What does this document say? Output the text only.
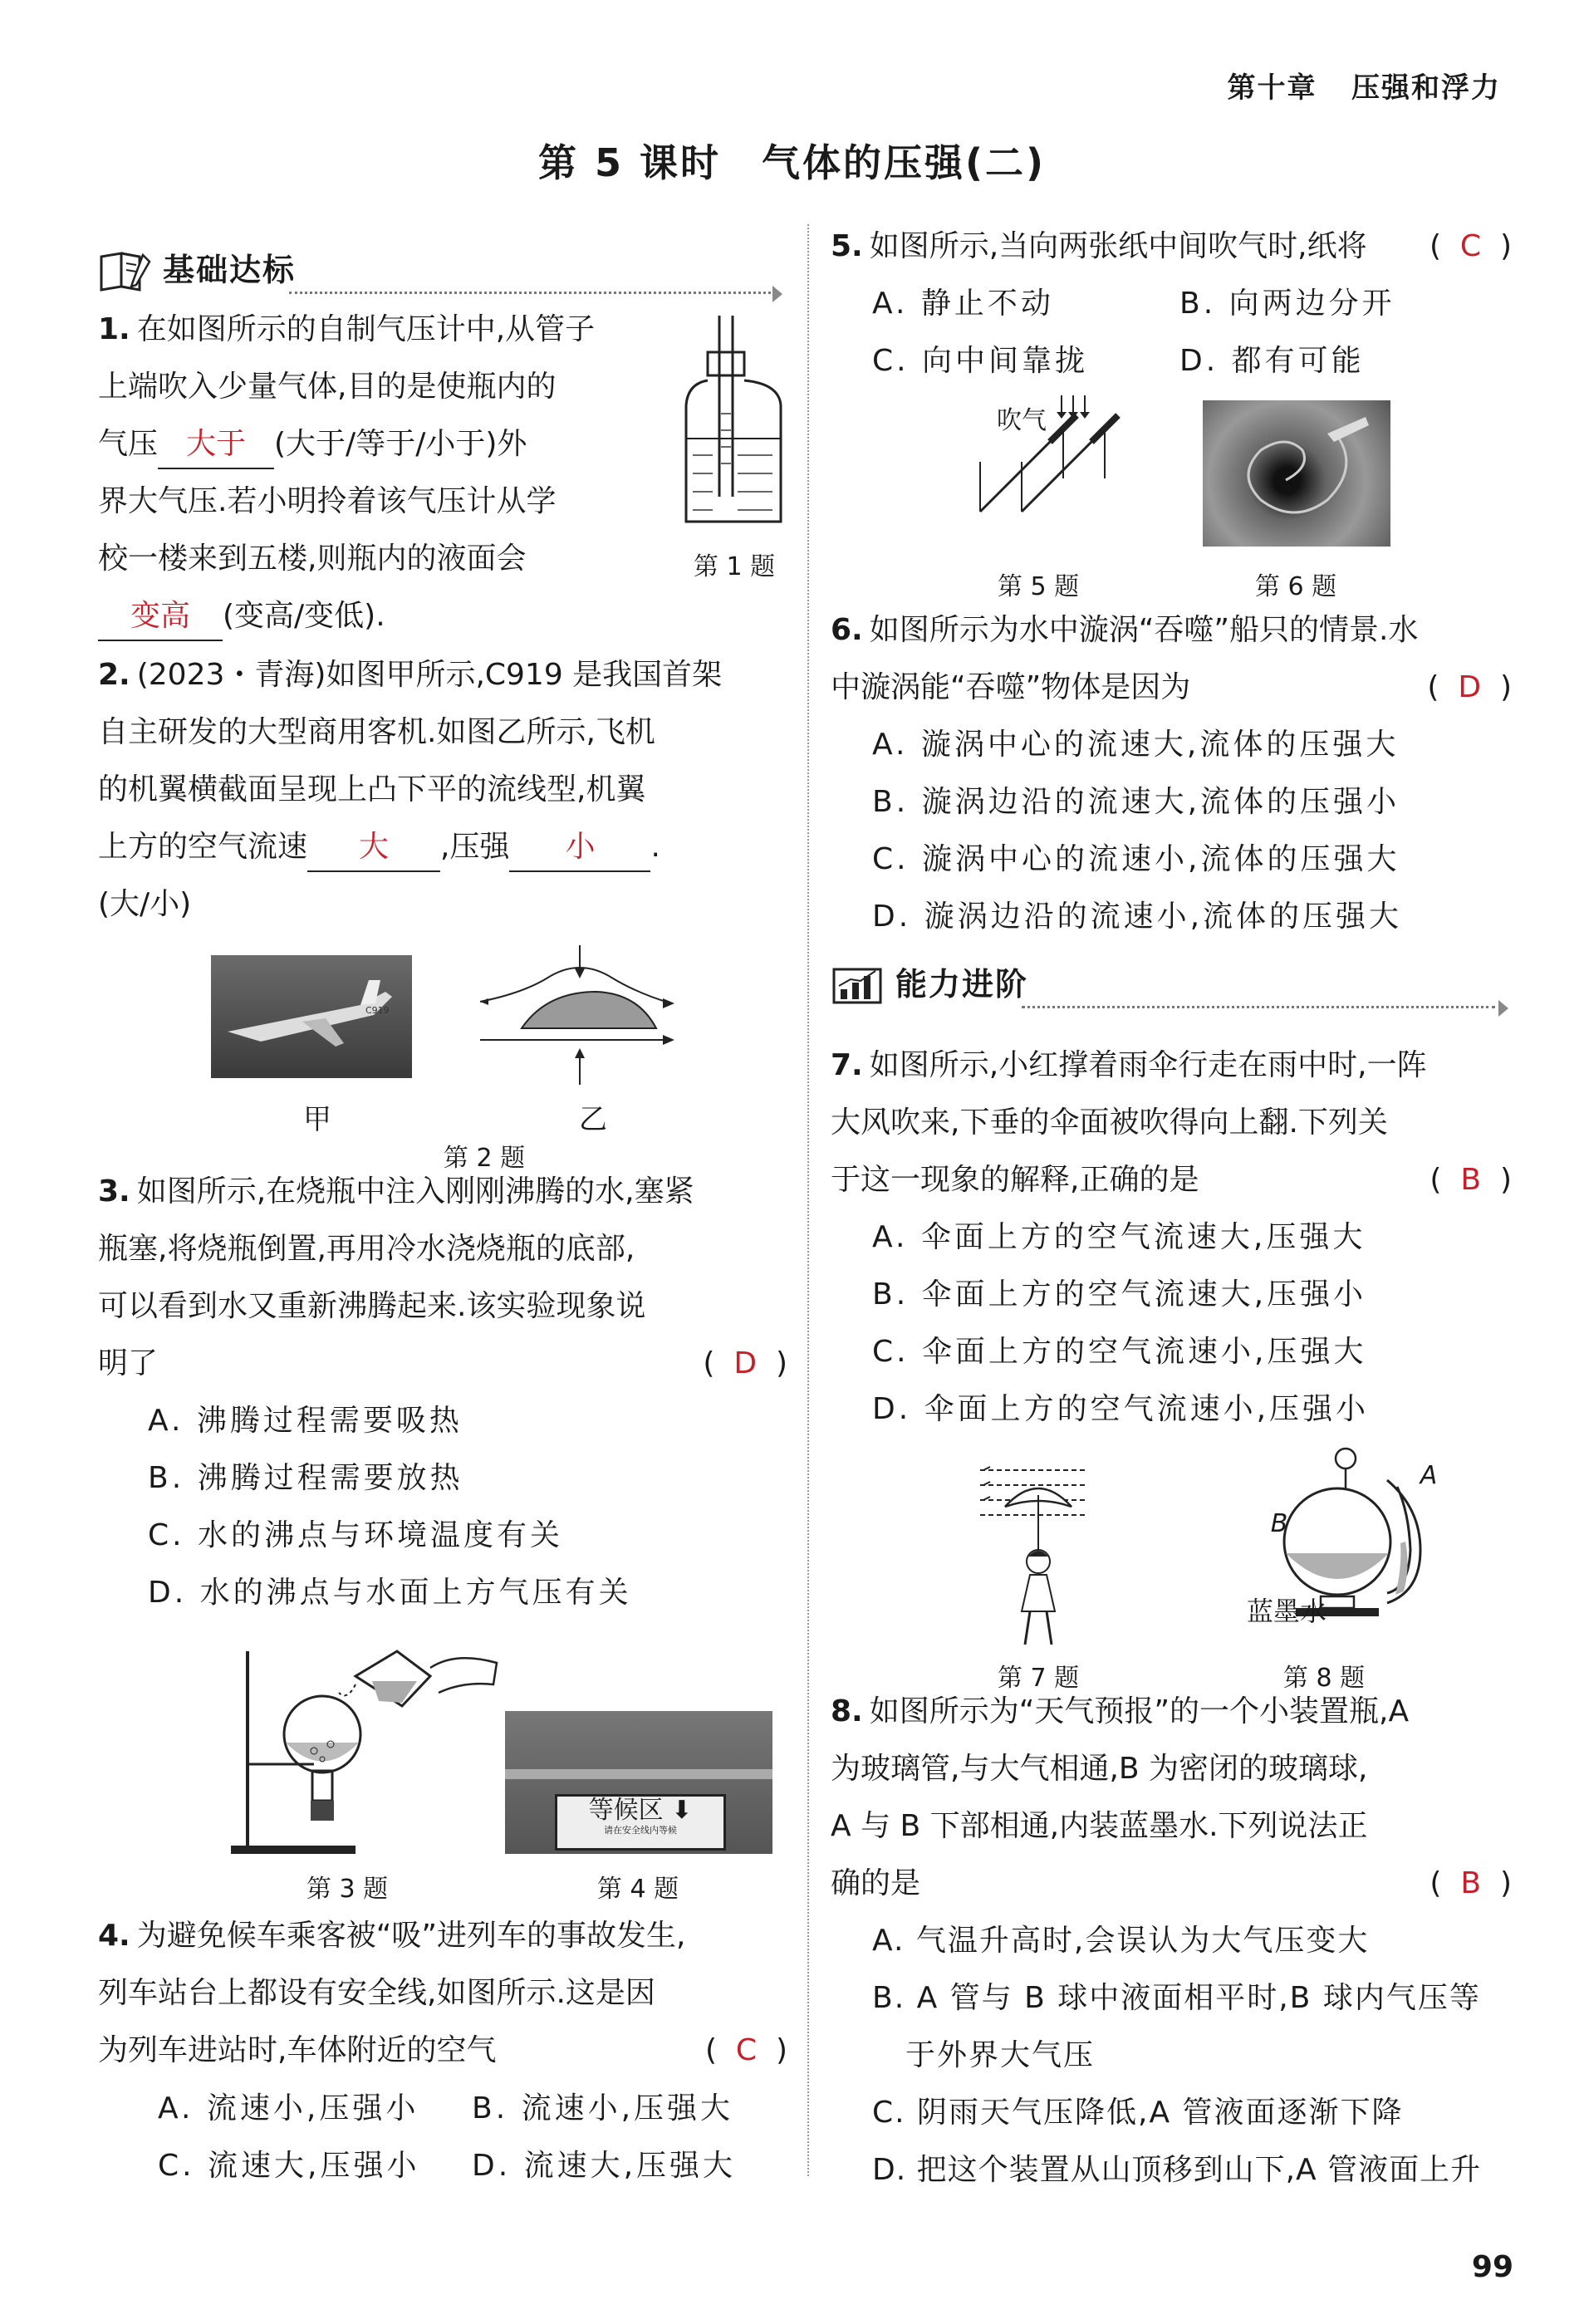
第十章 压强和浮力
第 5 课时　气体的压强(二)
基础达标
1. 在如图所示的自制气压计中,从管子
上端吹入少量气体,目的是使瓶内的
气压 大于 (大于/等于/小于)外
界大气压.若小明拎着该气压计从学
校一楼来到五楼,则瓶内的液面会
变高 (变高/变低).
第 1 题
2. (2023・青海)如图甲所示,C919 是我国首架
自主研发的大型商用客机.如图乙所示,飞机
的机翼横截面呈现上凸下平的流线型,机翼
上方的空气流速 大 ,压强 小 .
(大/小)
C919
甲	乙
第 2 题
3. 如图所示,在烧瓶中注入刚刚沸腾的水,塞紧
瓶塞,将烧瓶倒置,再用冷水浇烧瓶的底部,
可以看到水又重新沸腾起来.该实验现象说
明了	( D )
A. 沸腾过程需要吸热
B. 沸腾过程需要放热
C. 水的沸点与环境温度有关
D. 水的沸点与水面上方气压有关
第 3 题
等候区 ⬇
请在安全线内等候
第 4 题
4. 为避免候车乘客被“吸”进列车的事故发生,
列车站台上都设有安全线,如图所示.这是因
为列车进站时,车体附近的空气	( C )
A. 流速小,压强小 B. 流速小,压强大
C. 流速大,压强小 D. 流速大,压强大
5. 如图所示,当向两张纸中间吹气时,纸将 ( C )
A. 静止不动	B. 向两边分开
C. 向中间靠拢	D. 都有可能
吹气
第 5 题	第 6 题
6. 如图所示为水中漩涡“吞噬”船只的情景.水
中漩涡能“吞噬”物体是因为	( D )
A. 漩涡中心的流速大,流体的压强大
B. 漩涡边沿的流速大,流体的压强小
C. 漩涡中心的流速小,流体的压强大
D. 漩涡边沿的流速小,流体的压强大
能力进阶
7. 如图所示,小红撑着雨伞行走在雨中时,一阵
大风吹来,下垂的伞面被吹得向上翻.下列关
于这一现象的解释,正确的是	( B )
A. 伞面上方的空气流速大,压强大
B. 伞面上方的空气流速大,压强小
C. 伞面上方的空气流速小,压强大
D. 伞面上方的空气流速小,压强小
第 7 题
A
B
蓝墨水
第 8 题
8. 如图所示为“天气预报”的一个小装置瓶,A
为玻璃管,与大气相通,B 为密闭的玻璃球,
A 与 B 下部相通,内装蓝墨水.下列说法正
确的是	( B )
A. 气温升高时,会误认为大气压变大
B. A 管与 B 球中液面相平时,B 球内气压等
于外界大气压
C. 阴雨天气压降低,A 管液面逐渐下降
D. 把这个装置从山顶移到山下,A 管液面上升
99
